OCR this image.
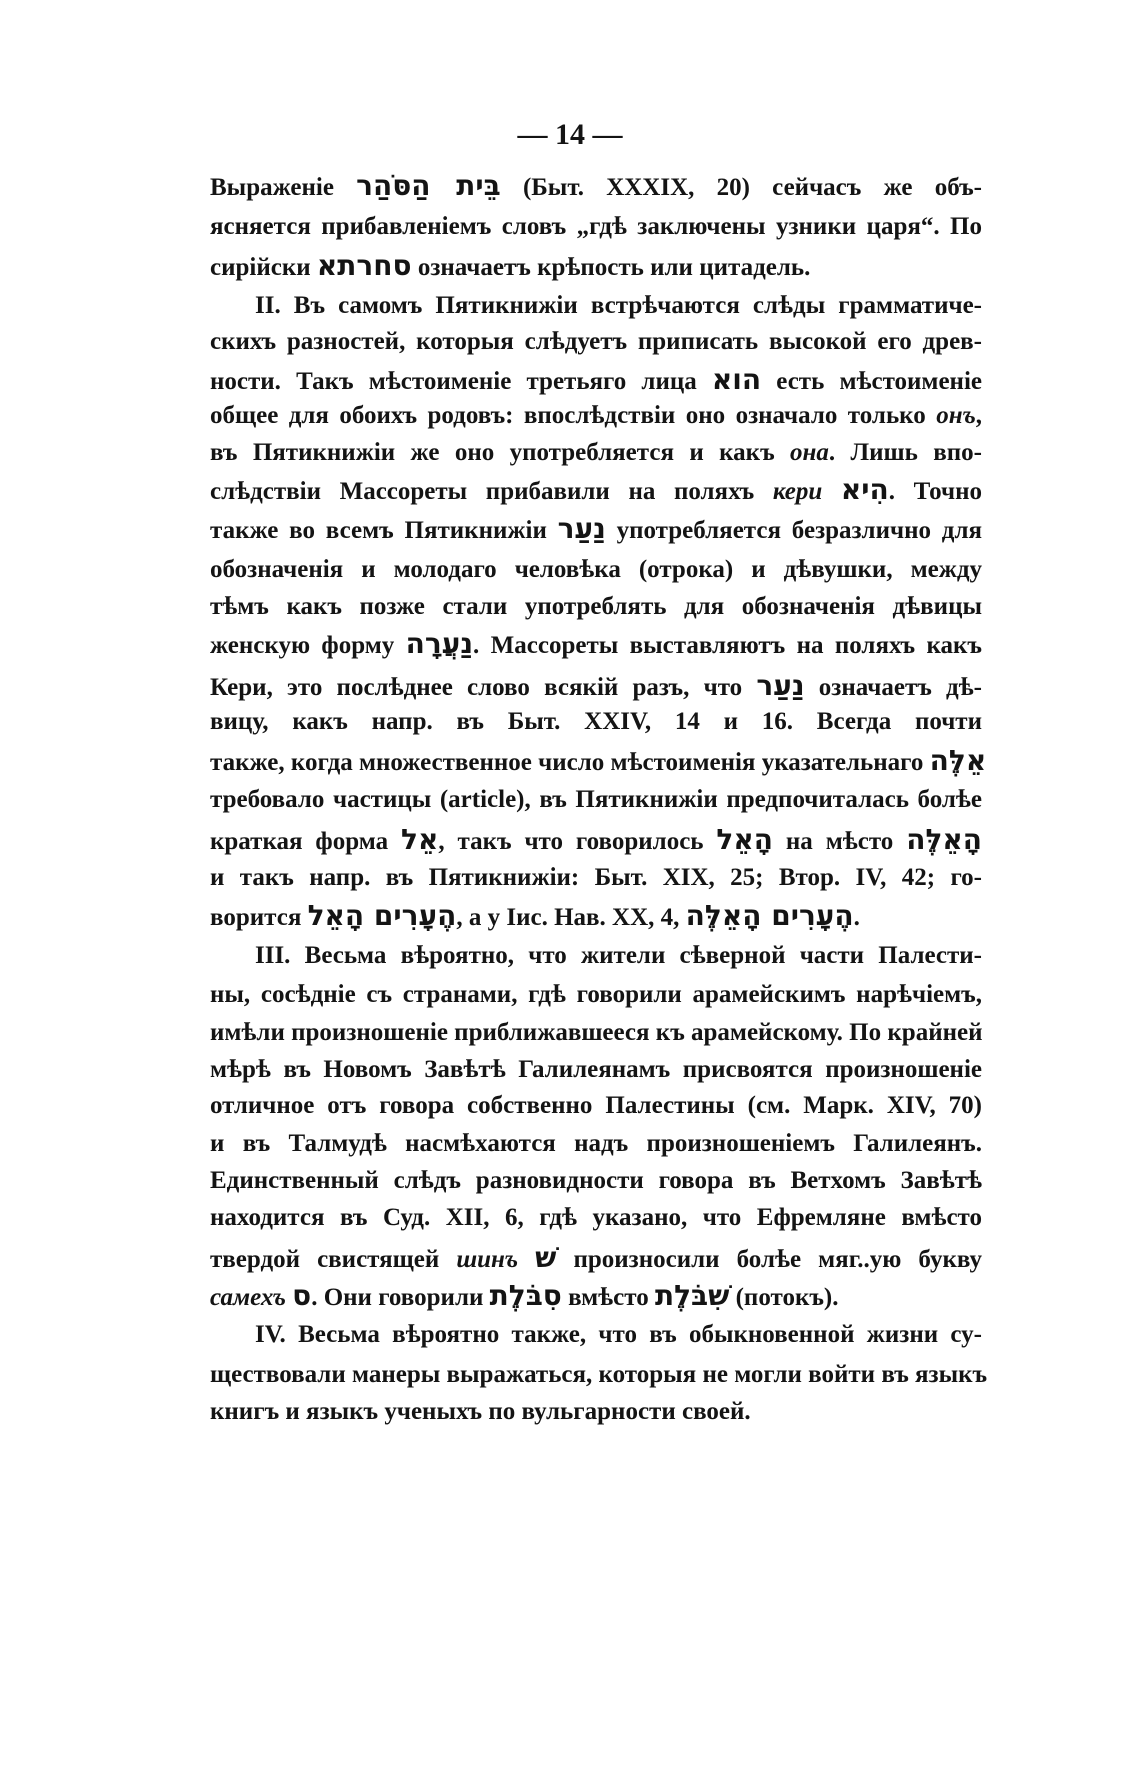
— 14 —
Выраженіе בֵּית הַסֹּהַר (Быт. XXXIX, 20) сейчасъ же объ-
ясняется прибавленіемъ словъ „гдѣ заключены узники царя“. По
сирійски סחרתא означаетъ крѣпость или цитадель.
II. Въ самомъ Пятикнижіи встрѣчаются слѣды грамматиче-
скихъ разностей, которыя слѣдуетъ приписать высокой его древ-
ности. Такъ мѣстоименіе третьяго лица הוא есть мѣстоименіе
общее для обоихъ родовъ: впослѣдствіи оно означало только онъ,
въ Пятикнижіи же оно употребляется и какъ она. Лишь впо-
слѣдствіи Массореты прибавили на поляхъ кери הִיא. Точно
также во всемъ Пятикнижіи נַעַר употребляется безразлично для
обозначенія и молодаго человѣка (отрока) и дѣвушки, между
тѣмъ какъ позже стали употреблять для обозначенія дѣвицы
женскую форму נַעֲרָה. Массореты выставляютъ на поляхъ какъ
Кери, это послѣднее слово всякій разъ, что נַעַר означаетъ дѣ-
вицу, какъ напр. въ Быт. XXIV, 14 и 16. Всегда почти
также, когда множественное число мѣстоименія указательнаго אֵלֶּה
требовало частицы (article), въ Пятикнижіи предпочиталась болѣе
краткая форма אֵל, такъ что говорилось הָאֵל на мѣсто הָאֵלֶּה
и такъ напр. въ Пятикнижіи: Быт. XIX, 25; Втор. IV, 42; го-
ворится הֶעָרִים הָאֵל, а у Іис. Нав. XX, 4, הֶעָרִים הָאֵלֶּה.
III. Весьма вѣроятно, что жители сѣверной части Палести-
ны, сосѣдніе съ странами, гдѣ говорили арамейскимъ нарѣчіемъ,
имѣли произношеніе приближавшееся къ арамейскому. По крайней
мѣрѣ въ Новомъ Завѣтѣ Галилеянамъ присвоятся произношеніе
отличное отъ говора собственно Палестины (см. Марк. XIV, 70)
и въ Талмудѣ насмѣхаются надъ произношеніемъ Галилеянъ.
Единственный слѣдъ разновидности говора въ Ветхомъ Завѣтѣ
находится въ Суд. XII, 6, гдѣ указано, что Ефремляне вмѣсто
твердой свистящей шинъ שׁ произносили болѣе мяг..ую букву
самехъ ס. Они говорили סִבֹּלֶת вмѣсто שִׁבֹּלֶת (потокъ).
IV. Весьма вѣроятно также, что въ обыкновенной жизни су-
ществовали манеры выражаться, которыя не могли войти въ языкъ
книгъ и языкъ ученыхъ по вульгарности своей.
